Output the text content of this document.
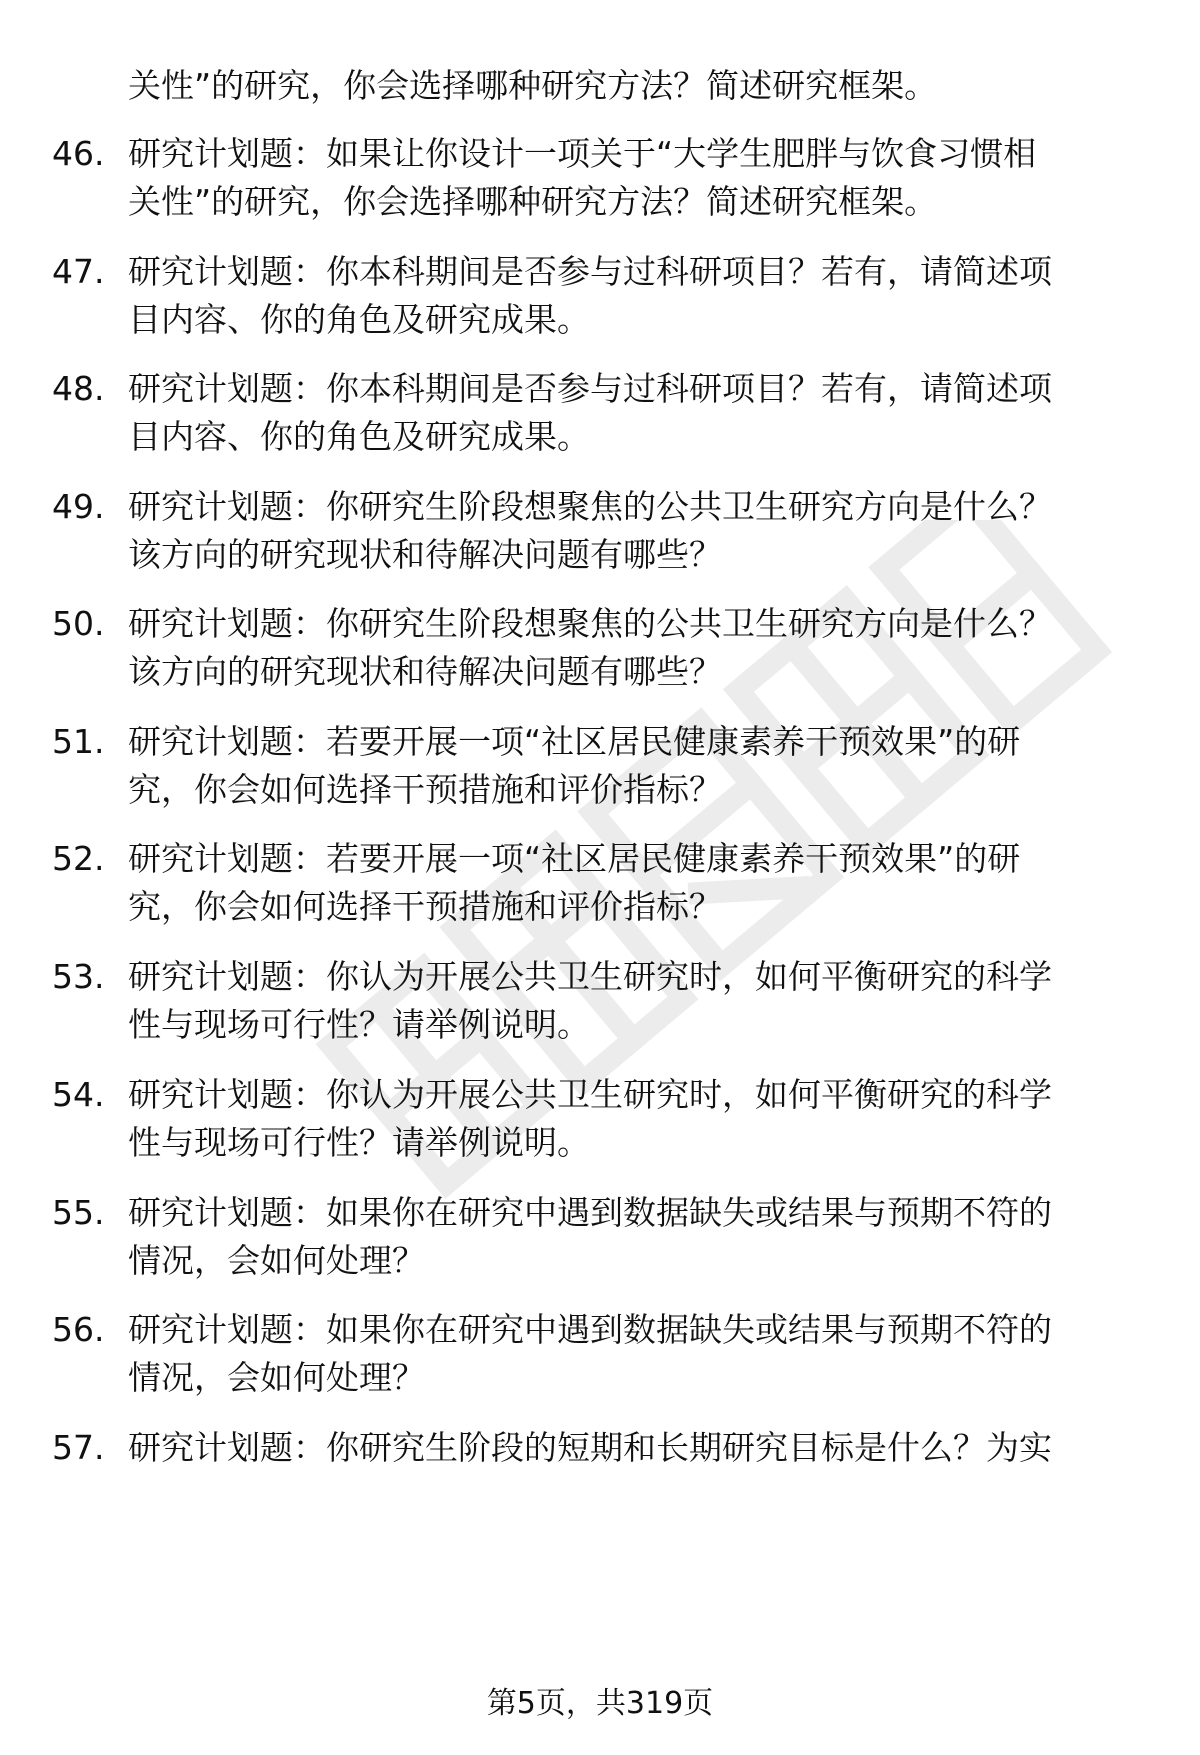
关性”的研究，你会选择哪种研究方法？简述研究框架。
46. 研究计划题：如果让你设计一项关于“大学生肥胖与饮食习惯相
关性”的研究，你会选择哪种研究方法？简述研究框架。
47. 研究计划题：你本科期间是否参与过科研项目？若有，请简述项
目内容、你的角色及研究成果。
48. 研究计划题：你本科期间是否参与过科研项目？若有，请简述项
目内容、你的角色及研究成果。
49. 研究计划题：你研究生阶段想聚焦的公共卫生研究方向是什么？
该方向的研究现状和待解决问题有哪些？
50. 研究计划题：你研究生阶段想聚焦的公共卫生研究方向是什么？
该方向的研究现状和待解决问题有哪些？
51. 研究计划题：若要开展一项“社区居民健康素养干预效果”的研
究，你会如何选择干预措施和评价指标？
52. 研究计划题：若要开展一项“社区居民健康素养干预效果”的研
究，你会如何选择干预措施和评价指标？
53. 研究计划题：你认为开展公共卫生研究时，如何平衡研究的科学
性与现场可行性？请举例说明。
54. 研究计划题：你认为开展公共卫生研究时，如何平衡研究的科学
性与现场可行性？请举例说明。
55. 研究计划题：如果你在研究中遇到数据缺失或结果与预期不符的
情况，会如何处理？
56. 研究计划题：如果你在研究中遇到数据缺失或结果与预期不符的
情况，会如何处理？
57. 研究计划题：你研究生阶段的短期和长期研究目标是什么？为实
第5页，共319页
